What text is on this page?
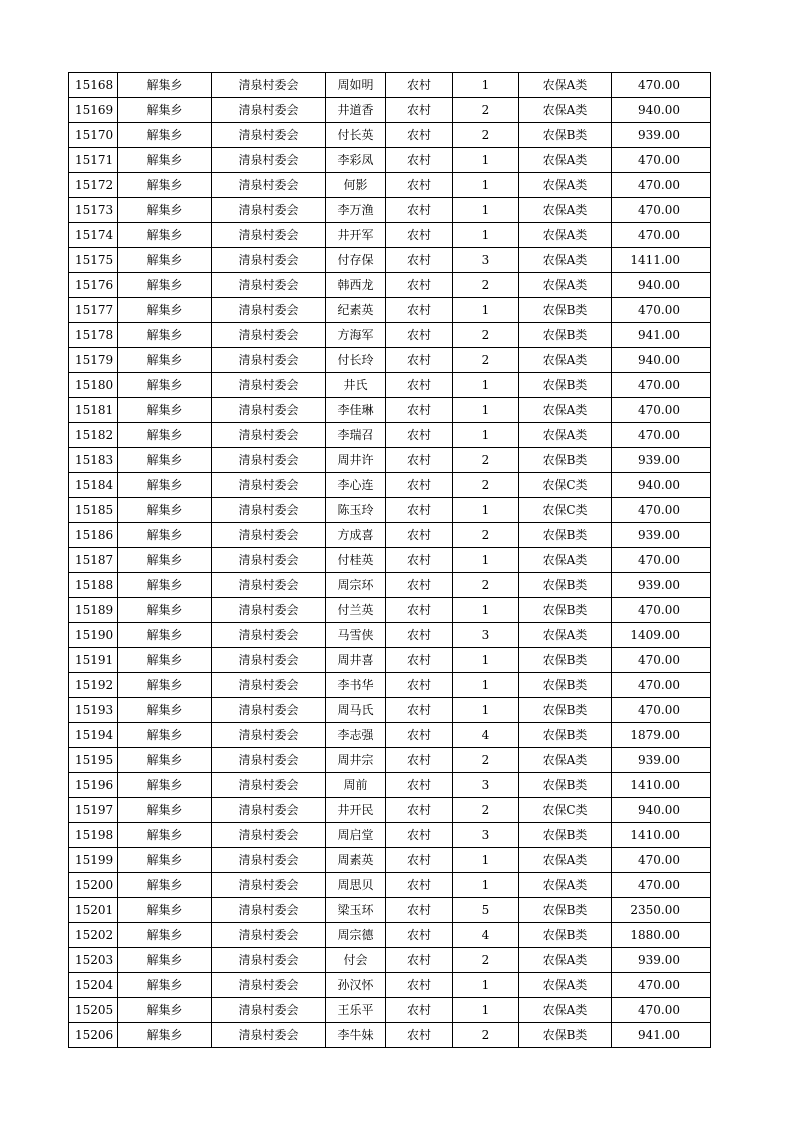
15168	解集乡	清泉村委会	周如明	农村	1	农保A类	470.00
15169	解集乡	清泉村委会	井道香	农村	2	农保A类	940.00
15170	解集乡	清泉村委会	付长英	农村	2	农保B类	939.00
15171	解集乡	清泉村委会	李彩凤	农村	1	农保A类	470.00
15172	解集乡	清泉村委会	何影	农村	1	农保A类	470.00
15173	解集乡	清泉村委会	李万渔	农村	1	农保A类	470.00
15174	解集乡	清泉村委会	井开军	农村	1	农保A类	470.00
15175	解集乡	清泉村委会	付存保	农村	3	农保A类	1411.00
15176	解集乡	清泉村委会	韩西龙	农村	2	农保A类	940.00
15177	解集乡	清泉村委会	纪素英	农村	1	农保B类	470.00
15178	解集乡	清泉村委会	方海军	农村	2	农保B类	941.00
15179	解集乡	清泉村委会	付长玲	农村	2	农保A类	940.00
15180	解集乡	清泉村委会	井氏	农村	1	农保B类	470.00
15181	解集乡	清泉村委会	李佳琳	农村	1	农保A类	470.00
15182	解集乡	清泉村委会	李瑞召	农村	1	农保A类	470.00
15183	解集乡	清泉村委会	周井许	农村	2	农保B类	939.00
15184	解集乡	清泉村委会	李心连	农村	2	农保C类	940.00
15185	解集乡	清泉村委会	陈玉玲	农村	1	农保C类	470.00
15186	解集乡	清泉村委会	方成喜	农村	2	农保B类	939.00
15187	解集乡	清泉村委会	付桂英	农村	1	农保A类	470.00
15188	解集乡	清泉村委会	周宗环	农村	2	农保B类	939.00
15189	解集乡	清泉村委会	付兰英	农村	1	农保B类	470.00
15190	解集乡	清泉村委会	马雪侠	农村	3	农保A类	1409.00
15191	解集乡	清泉村委会	周井喜	农村	1	农保B类	470.00
15192	解集乡	清泉村委会	李书华	农村	1	农保B类	470.00
15193	解集乡	清泉村委会	周马氏	农村	1	农保B类	470.00
15194	解集乡	清泉村委会	李志强	农村	4	农保B类	1879.00
15195	解集乡	清泉村委会	周井宗	农村	2	农保A类	939.00
15196	解集乡	清泉村委会	周前	农村	3	农保B类	1410.00
15197	解集乡	清泉村委会	井开民	农村	2	农保C类	940.00
15198	解集乡	清泉村委会	周启堂	农村	3	农保B类	1410.00
15199	解集乡	清泉村委会	周素英	农村	1	农保A类	470.00
15200	解集乡	清泉村委会	周思贝	农村	1	农保A类	470.00
15201	解集乡	清泉村委会	梁玉环	农村	5	农保B类	2350.00
15202	解集乡	清泉村委会	周宗德	农村	4	农保B类	1880.00
15203	解集乡	清泉村委会	付会	农村	2	农保A类	939.00
15204	解集乡	清泉村委会	孙汉怀	农村	1	农保A类	470.00
15205	解集乡	清泉村委会	王乐平	农村	1	农保A类	470.00
15206	解集乡	清泉村委会	李牛妹	农村	2	农保B类	941.00
